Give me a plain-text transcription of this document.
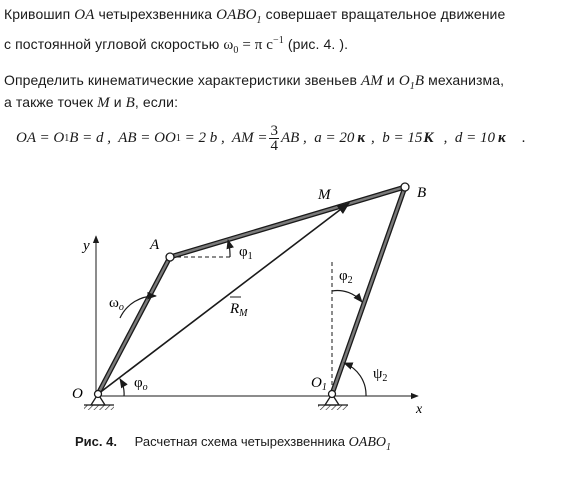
Кривошип OA четырехзвенника $OABO_1$ совершает вращательное движение
с постоянной угловой скоростью $\omega_0 = \pi$ $c^{-1}$ (рис. 4. ).
Определить кинематические характеристики звеньев AM и $O_1B$ механизма,
а также точек M и B, если:
OA = O 1 B = d ,  AB = OO 1 = 2 b ,  AM = $\frac{3}{4}$ AB ,  a = 20 к ,  b = 15 К ,  d = 10 к .
y
x
O
$O_1$
A
B
M
$\varphi_1$
$\varphi_2$
$\psi_2$
$\omega_o$
$\varphi_o$
$R_M$
Рис. 4. Расчетная схема четырехзвенника $OABO_1$
